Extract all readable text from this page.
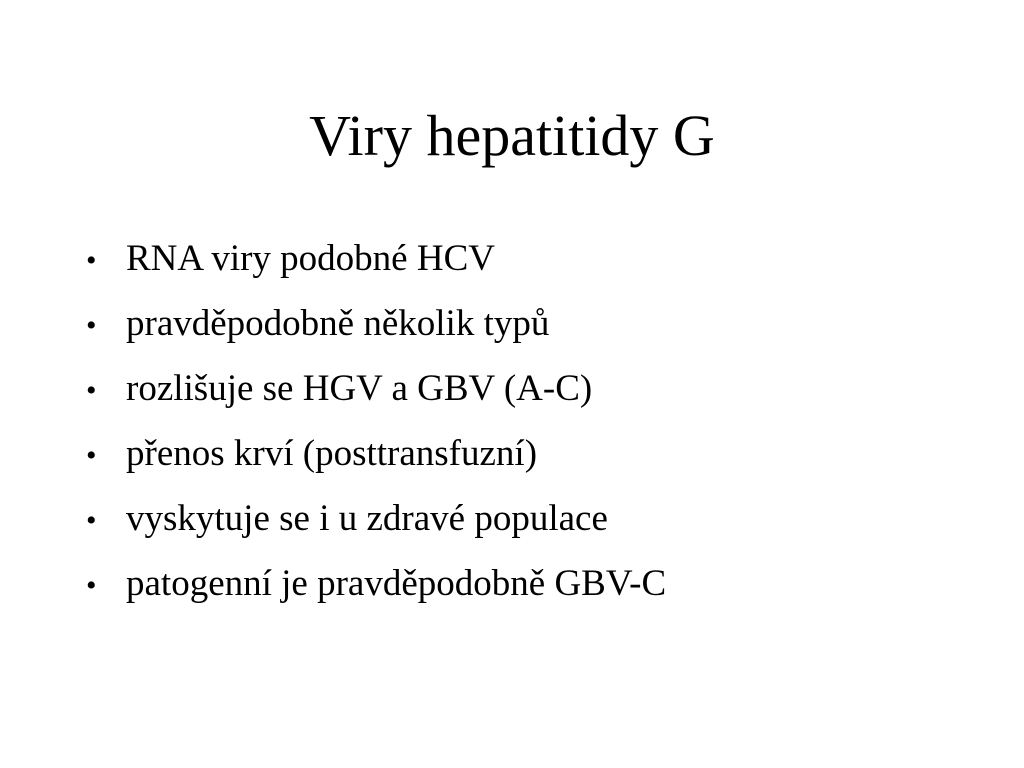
Viry hepatitidy G
• RNA viry podobné HCV
• pravděpodobně několik typů
• rozlišuje se HGV a GBV (A-C)
• přenos krví (posttransfuzní)
• vyskytuje se i u zdravé populace
• patogenní je pravděpodobně GBV-C
